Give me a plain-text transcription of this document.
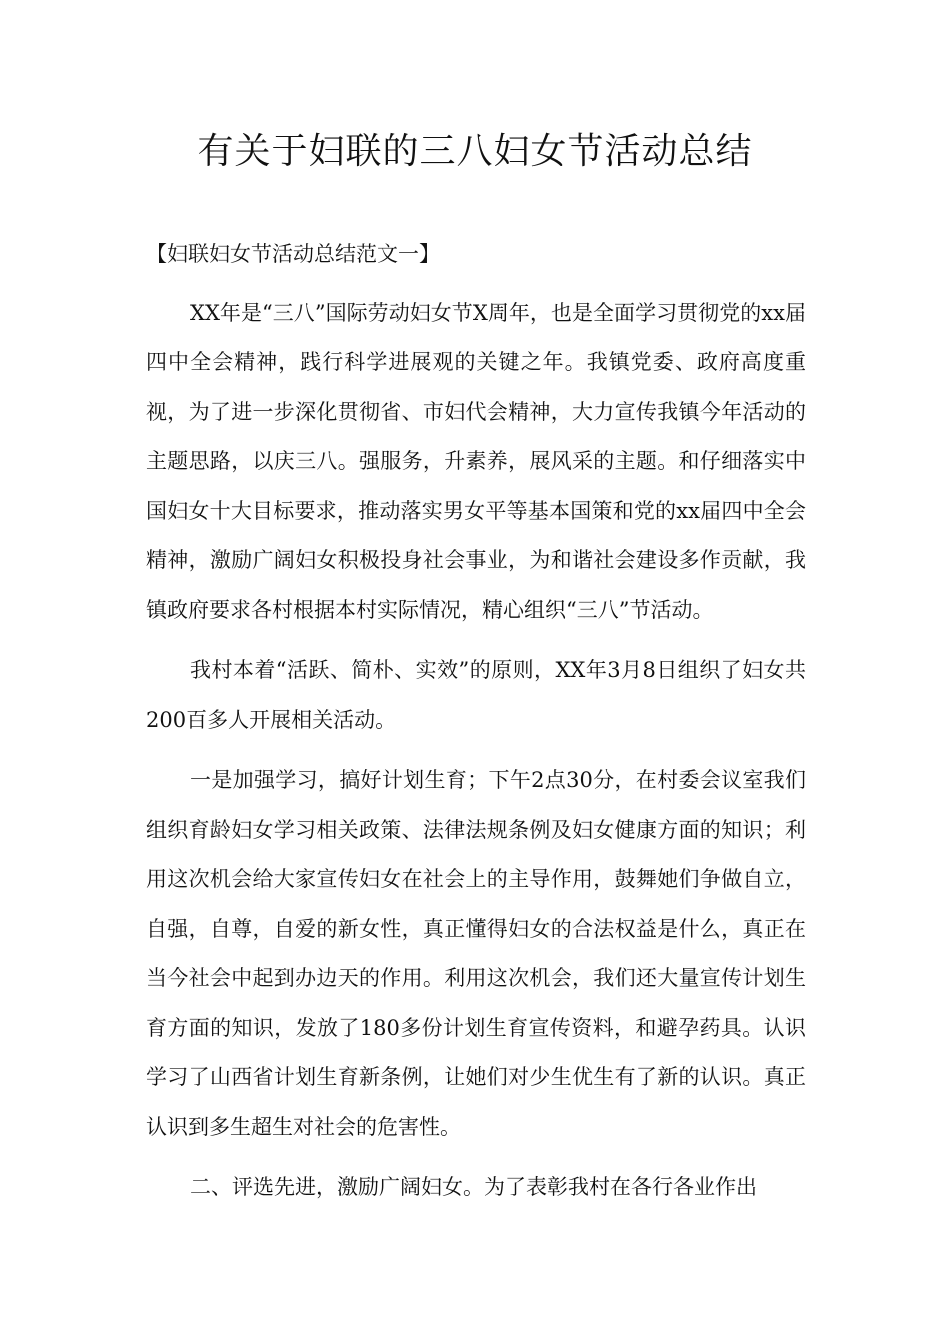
有关于妇联的三八妇女节活动总结

【妇联妇女节活动总结范文一】

XX年是“三八”国际劳动妇女节X周年，也是全面学习贯彻党的xx届四中全会精神，践行科学进展观的关键之年。我镇党委、政府高度重视，为了进一步深化贯彻省、市妇代会精神，大力宣传我镇今年活动的主题思路，以庆三八。强服务，升素养，展风采的主题。和仔细落实中国妇女十大目标要求，推动落实男女平等基本国策和党的xx届四中全会精神，激励广阔妇女积极投身社会事业，为和谐社会建设多作贡献，我镇政府要求各村根据本村实际情况，精心组织“三八”节活动。

我村本着“活跃、简朴、实效”的原则，XX年3月8日组织了妇女共200百多人开展相关活动。

一是加强学习，搞好计划生育；下午2点30分，在村委会议室我们组织育龄妇女学习相关政策、法律法规条例及妇女健康方面的知识；利用这次机会给大家宣传妇女在社会上的主导作用，鼓舞她们争做自立，自强，自尊，自爱的新女性，真正懂得妇女的合法权益是什么，真正在当今社会中起到办边天的作用。利用这次机会，我们还大量宣传计划生育方面的知识，发放了180多份计划生育宣传资料，和避孕药具。认识学习了山西省计划生育新条例，让她们对少生优生有了新的认识。真正认识到多生超生对社会的危害性。

二、评选先进，激励广阔妇女。为了表彰我村在各行各业作出
